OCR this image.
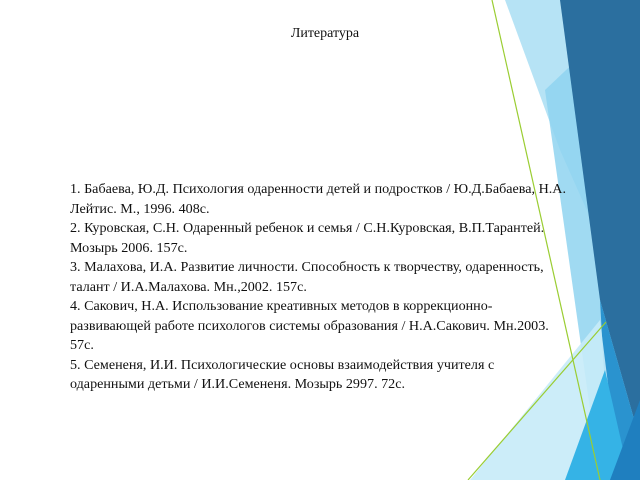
Литература
1. Бабаева, Ю.Д. Психология одаренности детей и подростков / Ю.Д.Бабаева, Н.А. Лейтис. М., 1996. 408с.
2. Куровская, С.Н. Одаренный ребенок и семья / С.Н.Куровская, В.П.Тарантей. Мозырь 2006. 157с.
3. Малахова, И.А. Развитие личности. Способность к творчеству, одаренность, талант / И.А.Малахова. Мн.,2002. 157с.
4. Сакович, Н.А. Использование креативных методов в коррекционно-развивающей работе психологов системы образования / Н.А.Сакович. Мн.2003. 57с.
5. Семененя, И.И. Психологические основы взаимодействия учителя с одаренными детьми / И.И.Семененя. Мозырь 2997. 72с.
